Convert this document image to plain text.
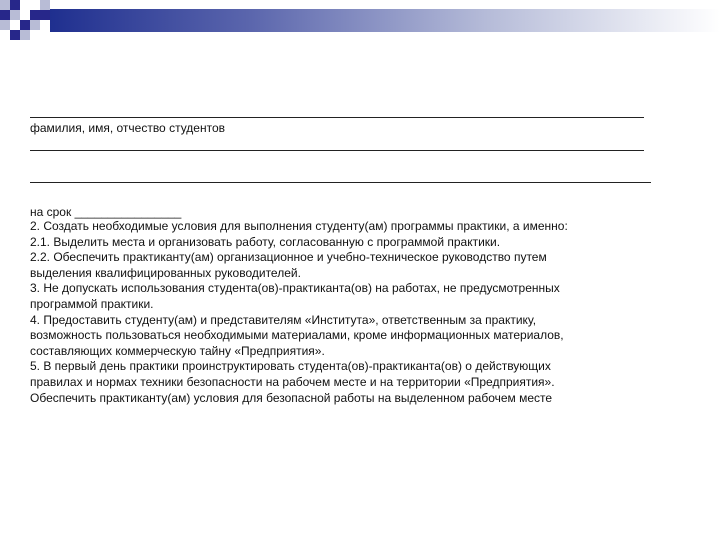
фамилия, имя, отчество студентов
на срок ________________

2. Создать необходимые условия для выполнения студенту(ам) программы практики, а именно:

2.1. Выделить места и организовать работу, согласованную с программой практики.

2.2. Обеспечить практиканту(ам) организационное и учебно-техническое руководство путем

выделения квалифицированных руководителей.

3. Не допускать использования студента(ов)-практиканта(ов) на работах, не предусмотренных

программой практики.

4. Предоставить студенту(ам) и представителям «Института», ответственным за практику,

возможность пользоваться необходимыми материалами, кроме информационных материалов,

составляющих коммерческую тайну «Предприятия».

5. В первый день практики проинструктировать студента(ов)-практиканта(ов) о действующих

правилах и нормах техники безопасности на рабочем месте и на территории «Предприятия».

Обеспечить практиканту(ам) условия для безопасной работы на выделенном рабочем месте
